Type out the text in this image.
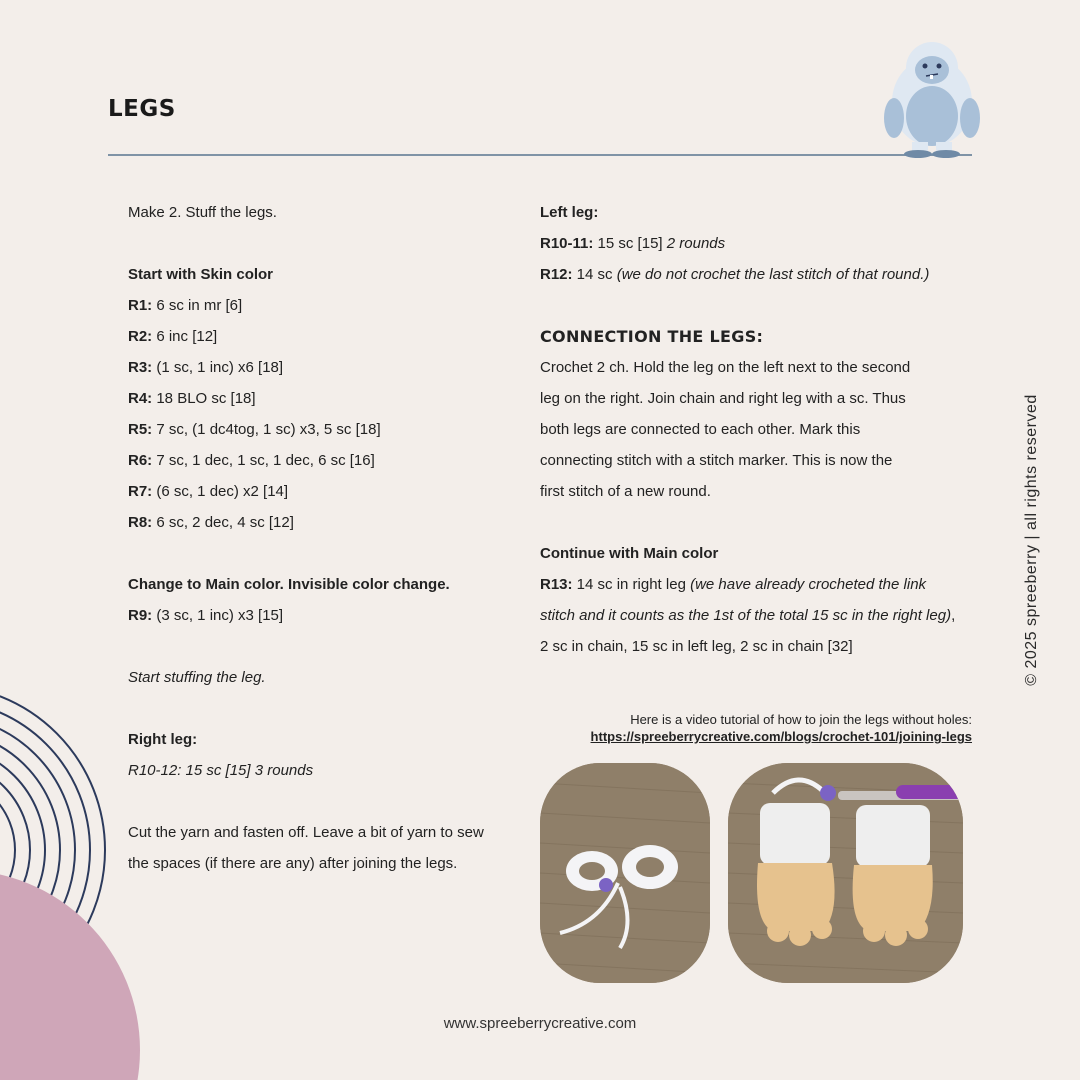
LEGS

Make 2. Stuff the legs.

Start with Skin color

R1: 6 sc in mr [6]

R2: 6 inc [12]

R3: (1 sc, 1 inc) x6 [18]

R4: 18 BLO sc [18]

R5: 7 sc, (1 dc4tog, 1 sc) x3, 5 sc [18]

R6: 7 sc, 1 dec, 1 sc, 1 dec, 6 sc [16]

R7: (6 sc, 1 dec) x2 [14]

R8: 6 sc, 2 dec, 4 sc [12]

Change to Main color. Invisible color change.

R9: (3 sc, 1 inc) x3 [15]

Start stuffing the leg.

Right leg:

R10-12: 15 sc [15] 3 rounds

Cut the yarn and fasten off. Leave a bit of yarn to sew

the spaces (if there are any) after joining the legs.

Left leg:

R10-11: 15 sc [15] 2 rounds

R12: 14 sc (we do not crochet the last stitch of that round.)

CONNECTION THE LEGS:

Crochet 2 ch. Hold the leg on the left next to the second

leg on the right. Join chain and right leg with a sc. Thus

both legs are connected to each other. Mark this

connecting stitch with a stitch marker. This is now the

first stitch of a new round.

Continue with Main color

R13: 14 sc in right leg (we have already crocheted the link

stitch and it counts as the 1st of the total 15 sc in the right leg),

2 sc in chain, 15 sc in left leg, 2 sc in chain [32]

Here is a video tutorial of how to join the legs without holes:
https://spreeberrycreative.com/blogs/crochet-101/joining-legs
www.spreeberrycreative.com
© 2025 spreeberry | all rights reserved
